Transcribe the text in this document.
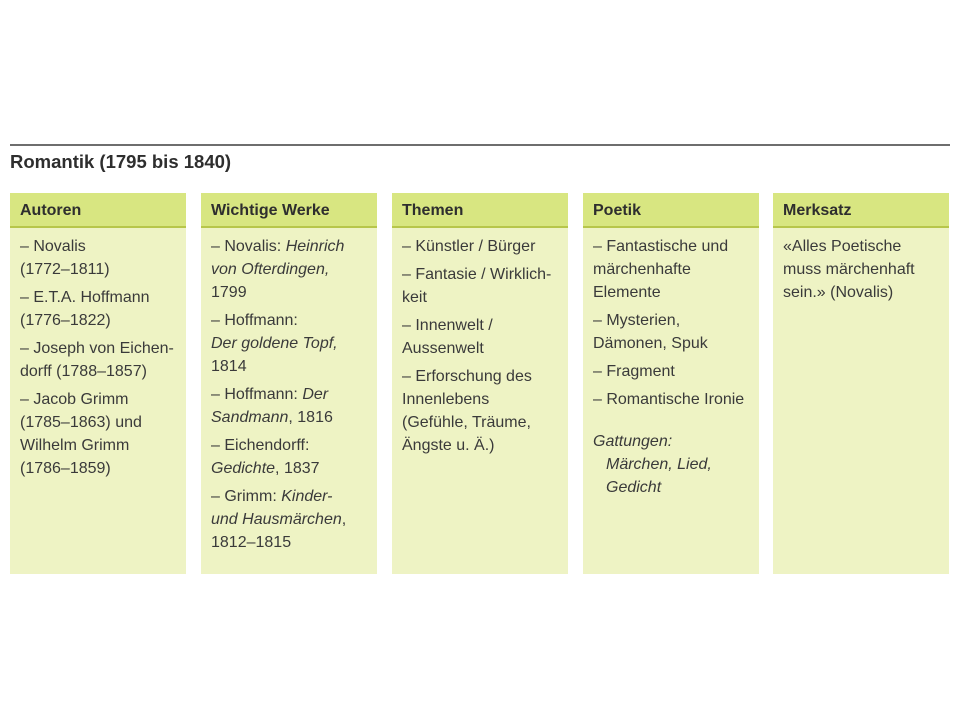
Romantik (1795 bis 1840)
Autoren
– Novalis
(1772–1811)
– E.T.A. Hoffmann
(1776–1822)
– Joseph von Eichen-
dorff (1788–1857)
– Jacob Grimm
(1785–1863) und
Wilhelm Grimm
(1786–1859)
Wichtige Werke
– Novalis: Heinrich
von Ofterdingen,
1799
– Hoffmann:
Der goldene Topf,
1814
– Hoffmann: Der
Sandmann, 1816
– Eichendorff:
Gedichte, 1837
– Grimm: Kinder-
und Hausmärchen,
1812–1815
Themen
– Künstler / Bürger
– Fantasie / Wirklich-
keit
– Innenwelt /
Aussenwelt
– Erforschung des
Innenlebens
(Gefühle, Träume,
Ängste u. Ä.)
Poetik
– Fantastische und
märchenhafte
Elemente
– Mysterien,
Dämonen, Spuk
– Fragment
– Romantische Ironie
Gattungen:
Märchen, Lied,
Gedicht
Merksatz
«Alles Poetische
muss märchenhaft
sein.» (Novalis)
